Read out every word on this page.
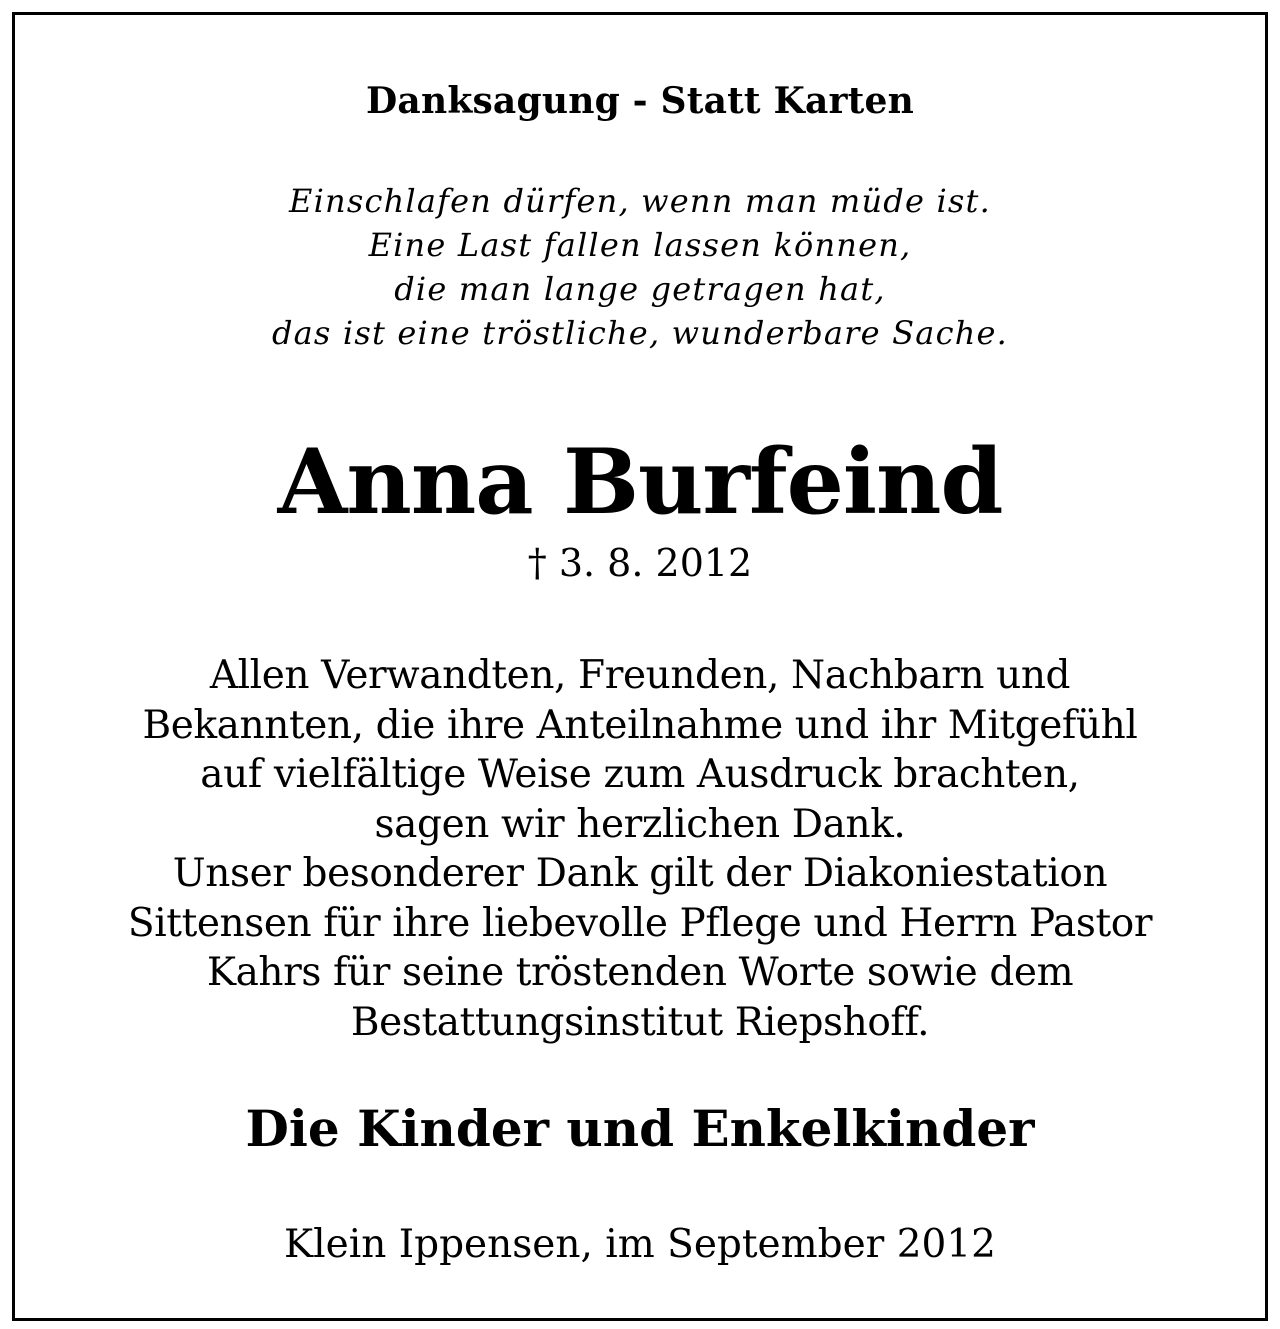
Danksagung - Statt Karten

Einschlafen dürfen, wenn man müde ist.
Eine Last fallen lassen können,
die man lange getragen hat,
das ist eine tröstliche, wunderbare Sache.

Anna Burfeind

† 3. 8. 2012

Allen Verwandten, Freunden, Nachbarn und
Bekannten, die ihre Anteilnahme und ihr Mitgefühl
auf vielfältige Weise zum Ausdruck brachten,
sagen wir herzlichen Dank.
Unser besonderer Dank gilt der Diakoniestation
Sittensen für ihre liebevolle Pflege und Herrn Pastor
Kahrs für seine tröstenden Worte sowie dem
Bestattungsinstitut Riepshoff.

Die Kinder und Enkelkinder

Klein Ippensen, im September 2012
